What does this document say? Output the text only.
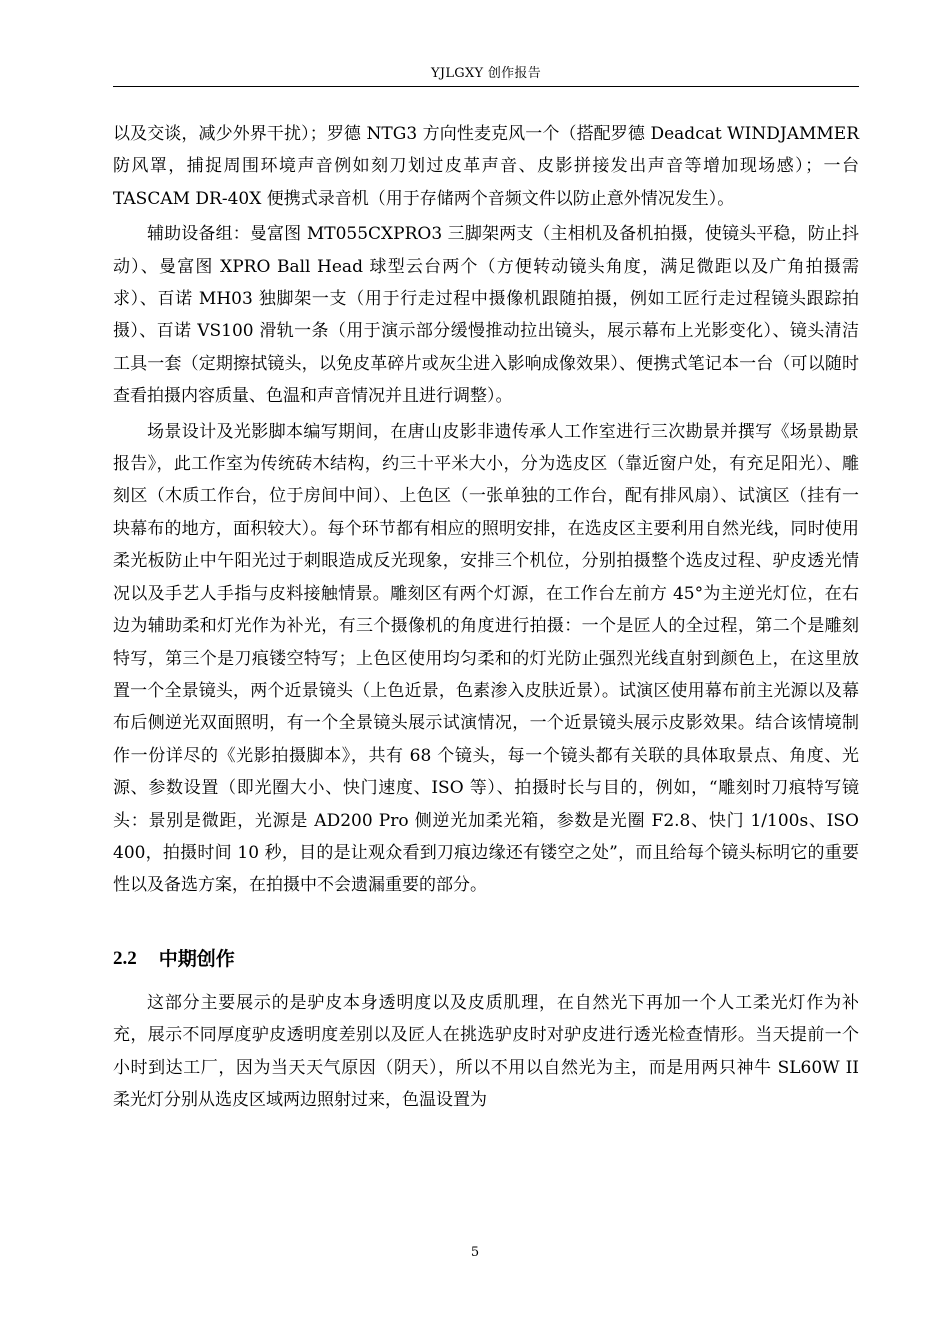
YJLGXY 创作报告

以及交谈，减少外界干扰）；罗德 NTG3 方向性麦克风一个（搭配罗德 Deadcat WINDJAMMER 防风罩，捕捉周围环境声音例如刻刀划过皮革声音、皮影拼接发出声音等增加现场感）；一台 TASCAM DR-40X 便携式录音机（用于存储两个音频文件以防止意外情况发生）。

辅助设备组：曼富图 MT055CXPRO3 三脚架两支（主相机及备机拍摄，使镜头平稳，防止抖动）、曼富图 XPRO Ball Head 球型云台两个（方便转动镜头角度，满足微距以及广角拍摄需求）、百诺 MH03 独脚架一支（用于行走过程中摄像机跟随拍摄，例如工匠行走过程镜头跟踪拍摄）、百诺 VS100 滑轨一条（用于演示部分缓慢推动拉出镜头，展示幕布上光影变化）、镜头清洁工具一套（定期擦拭镜头，以免皮革碎片或灰尘进入影响成像效果）、便携式笔记本一台（可以随时查看拍摄内容质量、色温和声音情况并且进行调整）。

场景设计及光影脚本编写期间，在唐山皮影非遗传承人工作室进行三次勘景并撰写《场景勘景报告》，此工作室为传统砖木结构，约三十平米大小，分为选皮区（靠近窗户处，有充足阳光）、雕刻区（木质工作台，位于房间中间）、上色区（一张单独的工作台，配有排风扇）、试演区（挂有一块幕布的地方，面积较大）。每个环节都有相应的照明安排，在选皮区主要利用自然光线，同时使用柔光板防止中午阳光过于刺眼造成反光现象，安排三个机位，分别拍摄整个选皮过程、驴皮透光情况以及手艺人手指与皮料接触情景。雕刻区有两个灯源，在工作台左前方 45°为主逆光灯位，在右边为辅助柔和灯光作为补光，有三个摄像机的角度进行拍摄：一个是匠人的全过程，第二个是雕刻特写，第三个是刀痕镂空特写；上色区使用均匀柔和的灯光防止强烈光线直射到颜色上，在这里放置一个全景镜头，两个近景镜头（上色近景，色素渗入皮肤近景）。试演区使用幕布前主光源以及幕布后侧逆光双面照明，有一个全景镜头展示试演情况，一个近景镜头展示皮影效果。结合该情境制作一份详尽的《光影拍摄脚本》，共有 68 个镜头，每一个镜头都有关联的具体取景点、角度、光源、参数设置（即光圈大小、快门速度、ISO 等）、拍摄时长与目的，例如，“雕刻时刀痕特写镜头：景别是微距，光源是 AD200 Pro 侧逆光加柔光箱，参数是光圈 F2.8、快门 1/100s、ISO 400，拍摄时间 10 秒，目的是让观众看到刀痕边缘还有镂空之处”，而且给每个镜头标明它的重要性以及备选方案，在拍摄中不会遗漏重要的部分。

2.2 中期创作

这部分主要展示的是驴皮本身透明度以及皮质肌理，在自然光下再加一个人工柔光灯作为补充，展示不同厚度驴皮透明度差别以及匠人在挑选驴皮时对驴皮进行透光检查情形。当天提前一个小时到达工厂，因为当天天气原因（阴天），所以不用以自然光为主，而是用两只神牛 SL60W II 柔光灯分别从选皮区域两边照射过来，色温设置为

5
